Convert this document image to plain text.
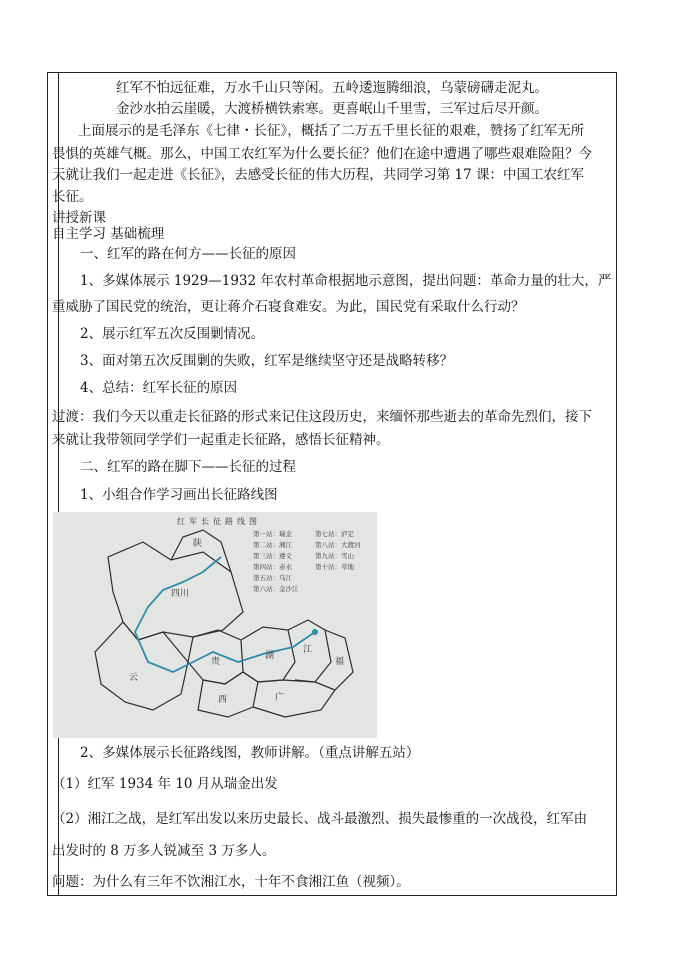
红军不怕远征难，万水千山只等闲。五岭逶迤腾细浪，乌蒙磅礴走泥丸。
金沙水拍云崖暖，大渡桥横铁索寒。更喜岷山千里雪，三军过后尽开颜。
上面展示的是毛泽东《七律・长征》，概括了二万五千里长征的艰难，赞扬了红军无所
畏惧的英雄气概。那么，中国工农红军为什么要长征？他们在途中遭遇了哪些艰难险阻？今
天就让我们一起走进《长征》，去感受长征的伟大历程，共同学习第 17 课：中国工农红军
长征。
讲授新课
自主学习 基础梳理
一、红军的路在何方——长征的原因
1、多媒体展示 1929—1932 年农村革命根据地示意图，提出问题：革命力量的壮大，严
重威胁了国民党的统治，更让蒋介石寝食难安。为此，国民党有采取什么行动？
2、展示红军五次反围剿情况。
3、面对第五次反围剿的失败，红军是继续坚守还是战略转移？
4、总结：红军长征的原因
过渡：我们今天以重走长征路的形式来记住这段历史，来缅怀那些逝去的革命先烈们，接下
来就让我带领同学学们一起重走长征路，感悟长征精神。
二、红军的路在脚下——长征的过程
1、小组合作学习画出长征路线图
红军长征路线图
四川
湖
江
贵
广
云
西
陕
福
第一站：瑞金
第二站：湘江
第三站：遵义
第四站：赤水
第五站：乌江
第六站：金沙江
第七站：泸定
第八站：大渡河
第九站：雪山
第十站：草地
2、多媒体展示长征路线图，教师讲解。（重点讲解五站）
（1）红军 1934 年 10 月从瑞金出发
（2）湘江之战，是红军出发以来历史最长、战斗最激烈、损失最惨重的一次战役，红军由
出发时的 8 万多人锐减至 3 万多人。
问题：为什么有三年不饮湘江水，十年不食湘江鱼（视频）。
